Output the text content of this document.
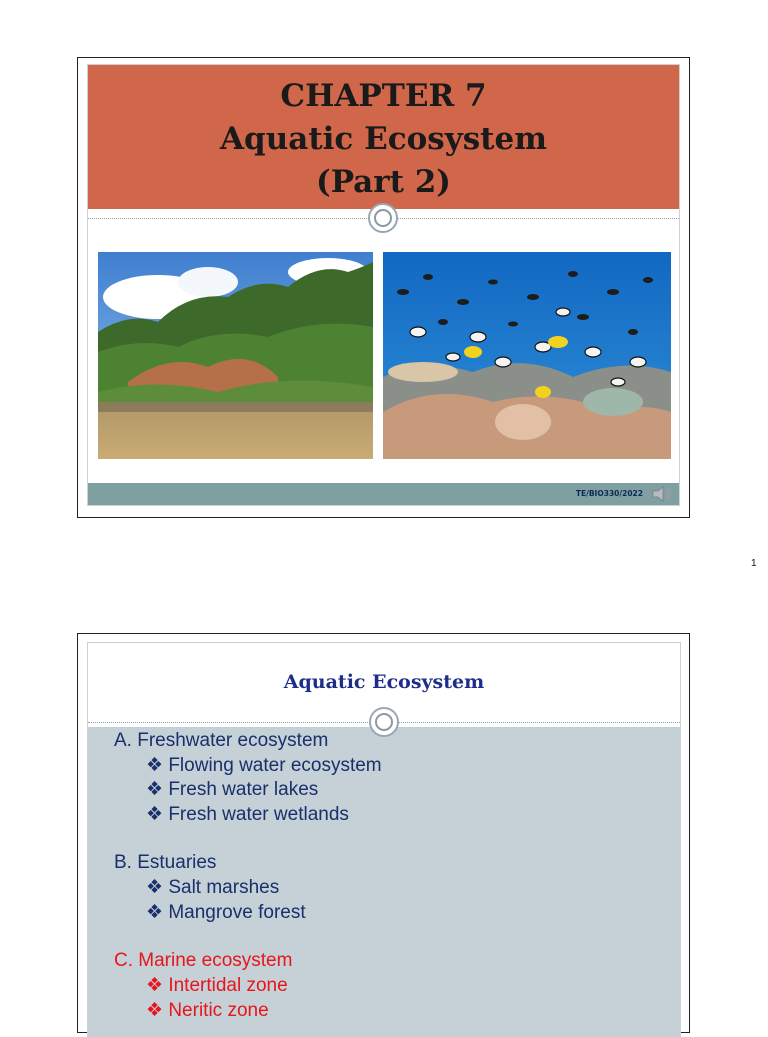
CHAPTER 7
Aquatic Ecosystem
(Part 2)
TE/BIO330/2022
1
Aquatic Ecosystem
A. Freshwater ecosystem
❖ Flowing water ecosystem
❖ Fresh water lakes
❖ Fresh water wetlands
B. Estuaries
❖ Salt marshes
❖ Mangrove forest
C. Marine ecosystem
❖ Intertidal zone
❖ Neritic zone
